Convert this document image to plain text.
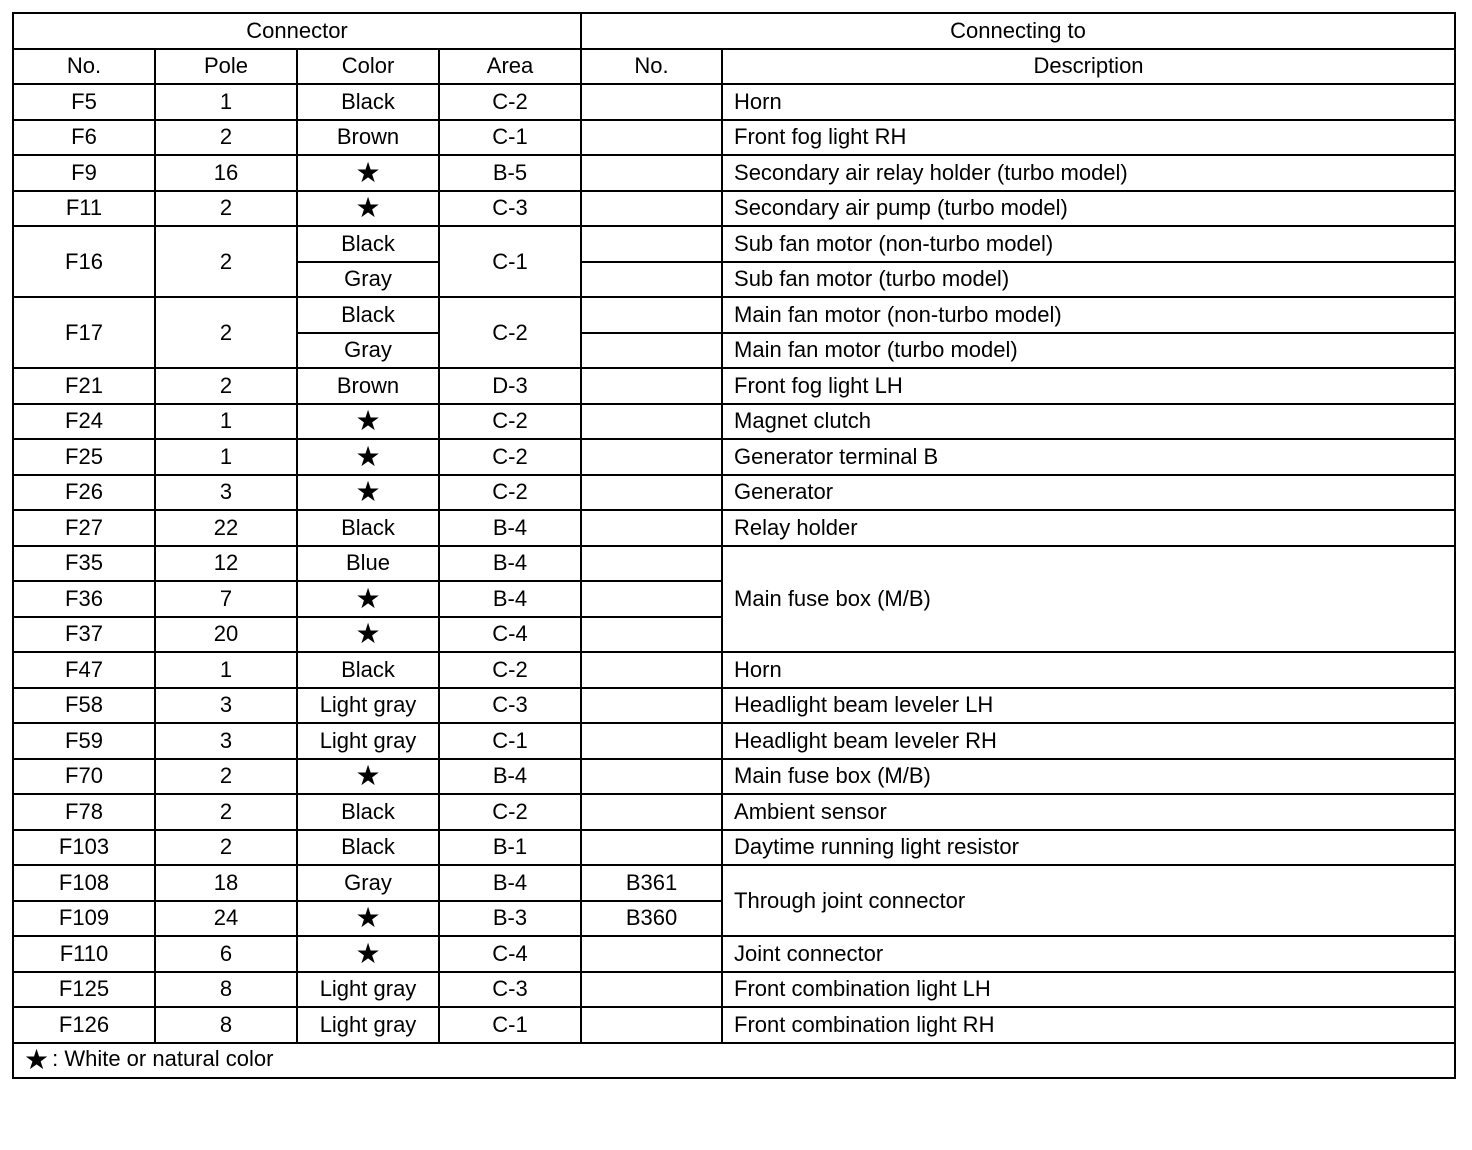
Connector				Connecting to	
No.	Pole	Color	Area	No.	Description
F5	1	Black	C-2		Horn
F6	2	Brown	C-1		Front fog light RH
F9	16	★	B-5		Secondary air relay holder (turbo model)
F11	2	★	C-3		Secondary air pump (turbo model)
F16	2	Black	C-1		Sub fan motor (non-turbo model)
		Gray			Sub fan motor (turbo model)
F17	2	Black	C-2		Main fan motor (non-turbo model)
		Gray			Main fan motor (turbo model)
F21	2	Brown	D-3		Front fog light LH
F24	1	★	C-2		Magnet clutch
F25	1	★	C-2		Generator terminal B
F26	3	★	C-2		Generator
F27	22	Black	B-4		Relay holder
F35	12	Blue	B-4		Main fuse box (M/B)
F36	7	★	B-4		
F37	20	★	C-4		
F47	1	Black	C-2		Horn
F58	3	Light gray	C-3		Headlight beam leveler LH
F59	3	Light gray	C-1		Headlight beam leveler RH
F70	2	★	B-4		Main fuse box (M/B)
F78	2	Black	C-2		Ambient sensor
F103	2	Black	B-1		Daytime running light resistor
F108	18	Gray	B-4	B361	Through joint connector
F109	24	★	B-3	B360	
F110	6	★	C-4		Joint connector
F125	8	Light gray	C-3		Front combination light LH
F126	8	Light gray	C-1		Front combination light RH
★ : White or natural color					
